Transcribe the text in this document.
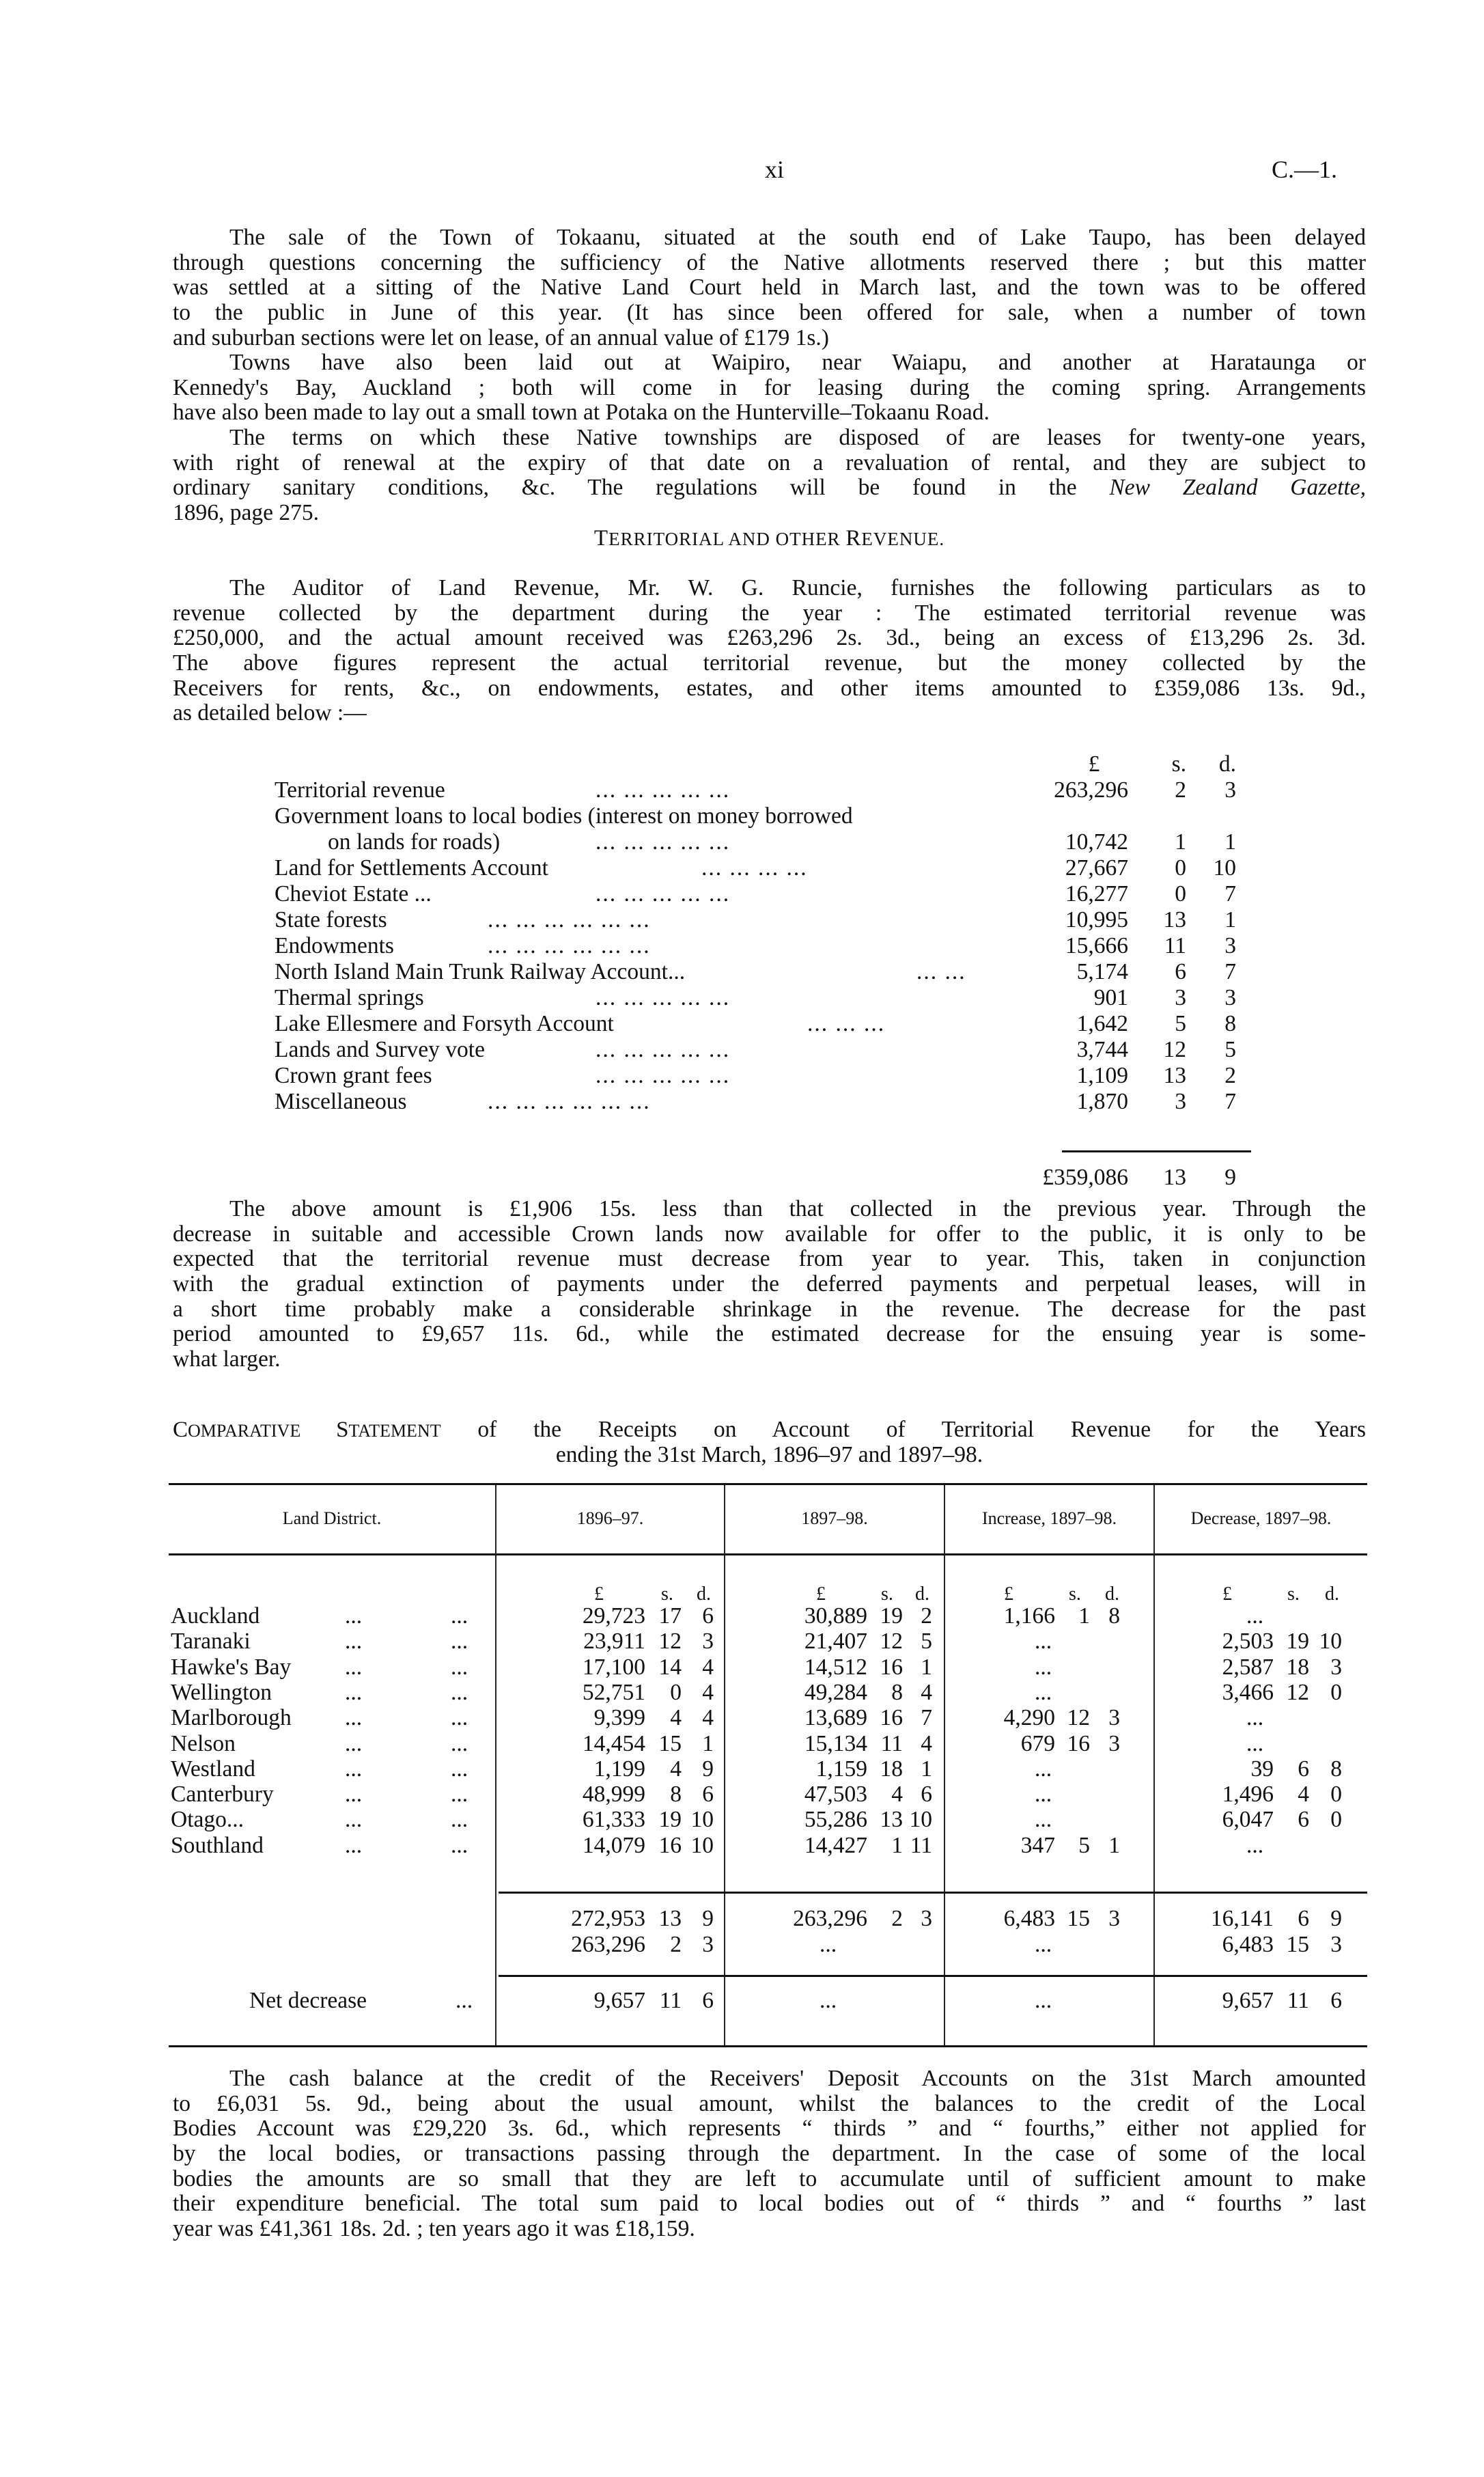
xi	C.—1.
The sale of the Town of Tokaanu, situated at the south end of Lake Taupo, has been delayed
through questions concerning the sufficiency of the Native allotments reserved there ; but this matter
was settled at a sitting of the Native Land Court held in March last, and the town was to be offered
to the public in June of this year. (It has since been offered for sale, when a number of town
and suburban sections were let on lease, of an annual value of £179 1s.)
Towns have also been laid out at Waipiro, near Waiapu, and another at Harataunga or
Kennedy's Bay, Auckland ; both will come in for leasing during the coming spring. Arrangements
have also been made to lay out a small town at Potaka on the Hunterville–Tokaanu Road.
The terms on which these Native townships are disposed of are leases for twenty-one years,
with right of renewal at the expiry of that date on a revaluation of rental, and they are subject to
ordinary sanitary conditions, &c. The regulations will be found in the New Zealand Gazette,
1896, page 275.
TERRITORIAL AND OTHER REVENUE.
The Auditor of Land Revenue, Mr. W. G. Runcie, furnishes the following particulars as to
revenue collected by the department during the year : The estimated territorial revenue was
£250,000, and the actual amount received was £263,296 2s. 3d., being an excess of £13,296 2s. 3d.
The above figures represent the actual territorial revenue, but the money collected by the
Receivers for rents, &c., on endowments, estates, and other items amounted to £359,086 13s. 9d.,
as detailed below :—
£	s.	d.
Territorial revenue	... ... ... ... ...	263,296	2	3
Government loans to local bodies (interest on money borrowed
on lands for roads)	... ... ... ... ...	10,742	1	1
Land for Settlements Account	... ... ... ...	27,667	0	10
Cheviot Estate ...	... ... ... ... ...	16,277	0	7
State forests	... ... ... ... ... ...	10,995	13	1
Endowments	... ... ... ... ... ...	15,666	11	3
North Island Main Trunk Railway Account...	... ...	5,174	6	7
Thermal springs	... ... ... ... ...	901	3	3
Lake Ellesmere and Forsyth Account	... ... ...	1,642	5	8
Lands and Survey vote	... ... ... ... ...	3,744	12	5
Crown grant fees	... ... ... ... ...	1,109	13	2
Miscellaneous	... ... ... ... ... ...	1,870	3	7
£359,086	13	9
The above amount is £1,906 15s. less than that collected in the previous year. Through the
decrease in suitable and accessible Crown lands now available for offer to the public, it is only to be
expected that the territorial revenue must decrease from year to year. This, taken in conjunction
with the gradual extinction of payments under the deferred payments and perpetual leases, will in
a short time probably make a considerable shrinkage in the revenue. The decrease for the past
period amounted to £9,657 11s. 6d., while the estimated decrease for the ensuing year is some-
what larger.
COMPARATIVE STATEMENT of the Receipts on Account of Territorial Revenue for the Years
ending the 31st March, 1896–97 and 1897–98.
Land District.	1896–97.	1897–98.	Increase, 1897–98.	Decrease, 1897–98.
£	s. d.	£	s. d.	£	s. d.	£	s. d.
Auckland	...	...	29,723 17 6	30,889 19 2	1,166 1 8	...
Taranaki	...	...	23,911 12 3	21,407 12 5	...	2,503 19 10
Hawke's Bay ...	...	17,100 14 4	14,512 16 1	...	2,587 18 3
Wellington	...	...	52,751 0 4	49,284 8 4	...	3,466 12 0
Marlborough ...	...	9,399 4 4	13,689 16 7	4,290 12 3	...
Nelson	...	...	14,454 15 1	15,134 11 4	679 16 3	...
Westland	...	...	1,199 4 9	1,159 18 1	...	39 6 8
Canterbury	...	...	48,999 8 6	47,503 4 6	...	1,496 4 0
Otago...	...	...	61,333 19 10	55,286 13 10	...	6,047 6 0
Southland	...	...	14,079 16 10	14,427 1 11	347 5 1	...
272,953 13 9	263,296 2 3	6,483 15 3	16,141 6 9
263,296 2 3	...	...	6,483 15 3
Net decrease	...	9,657 11 6	...	...	9,657 11 6
The cash balance at the credit of the Receivers' Deposit Accounts on the 31st March amounted
to £6,031 5s. 9d., being about the usual amount, whilst the balances to the credit of the Local
Bodies Account was £29,220 3s. 6d., which represents “ thirds ” and “ fourths,” either not applied for
by the local bodies, or transactions passing through the department. In the case of some of the local
bodies the amounts are so small that they are left to accumulate until of sufficient amount to make
their expenditure beneficial. The total sum paid to local bodies out of “ thirds ” and “ fourths ” last
year was £41,361 18s. 2d. ; ten years ago it was £18,159.
